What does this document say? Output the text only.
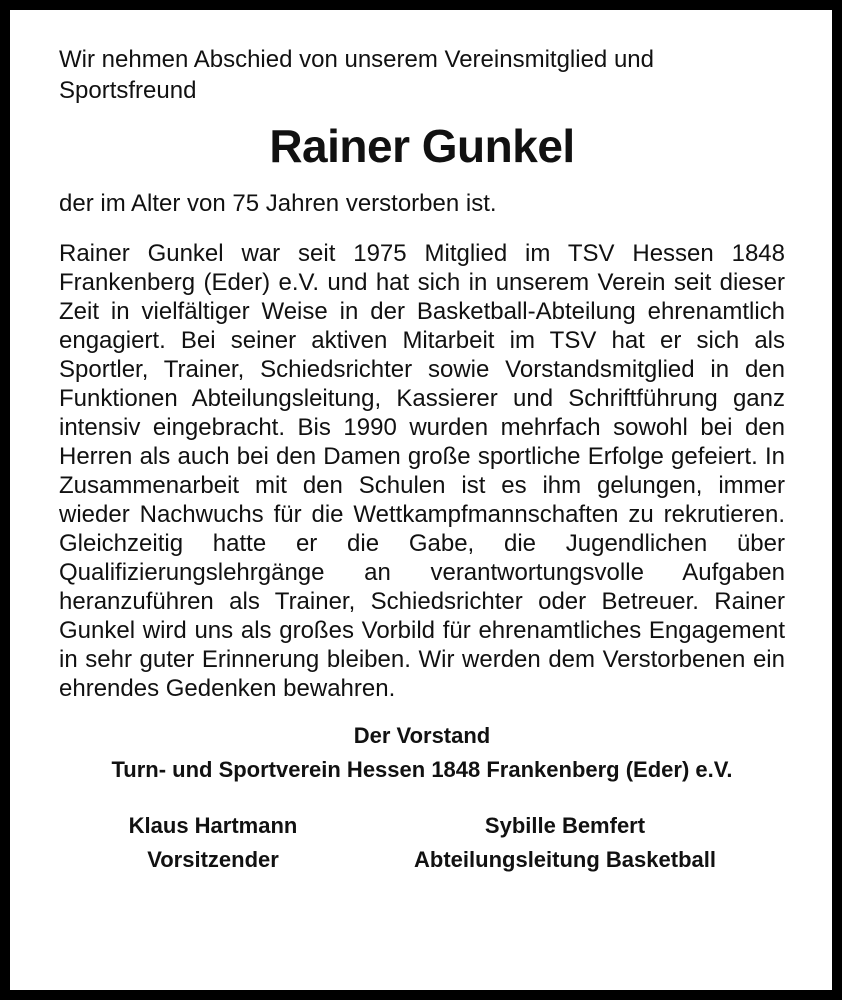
Wir nehmen Abschied von unserem Vereinsmitglied und Sportsfreund

Rainer Gunkel

der im Alter von 75 Jahren verstorben ist.

Rainer Gunkel war seit 1975 Mitglied im TSV Hessen 1848 Frankenberg (Eder) e.V. und hat sich in unserem Verein seit dieser Zeit in vielfältiger Weise in der Basketball-Abteilung ehrenamtlich engagiert. Bei seiner aktiven Mitarbeit im TSV hat er sich als Sportler, Trainer, Schiedsrichter sowie Vorstandsmitglied in den Funktionen Abteilungsleitung, Kassierer und Schriftführung ganz intensiv eingebracht. Bis 1990 wurden mehrfach sowohl bei den Herren als auch bei den Damen große sportliche Erfolge gefeiert. In Zusammenarbeit mit den Schulen ist es ihm gelungen, immer wieder Nachwuchs für die Wettkampfmannschaften zu rekrutieren. Gleichzeitig hatte er die Gabe, die Jugendlichen über Qualifizierungslehrgänge an verantwortungsvolle Aufgaben heranzuführen als Trainer, Schiedsrichter oder Betreuer. Rainer Gunkel wird uns als großes Vorbild für ehrenamtliches Engagement in sehr guter Erinnerung bleiben. Wir werden dem Verstorbenen ein ehrendes Gedenken bewahren.

Der Vorstand
Turn- und Sportverein Hessen 1848 Frankenberg (Eder) e.V.
Klaus Hartmann
Vorsitzender
Sybille Bemfert
Abteilungsleitung Basketball
